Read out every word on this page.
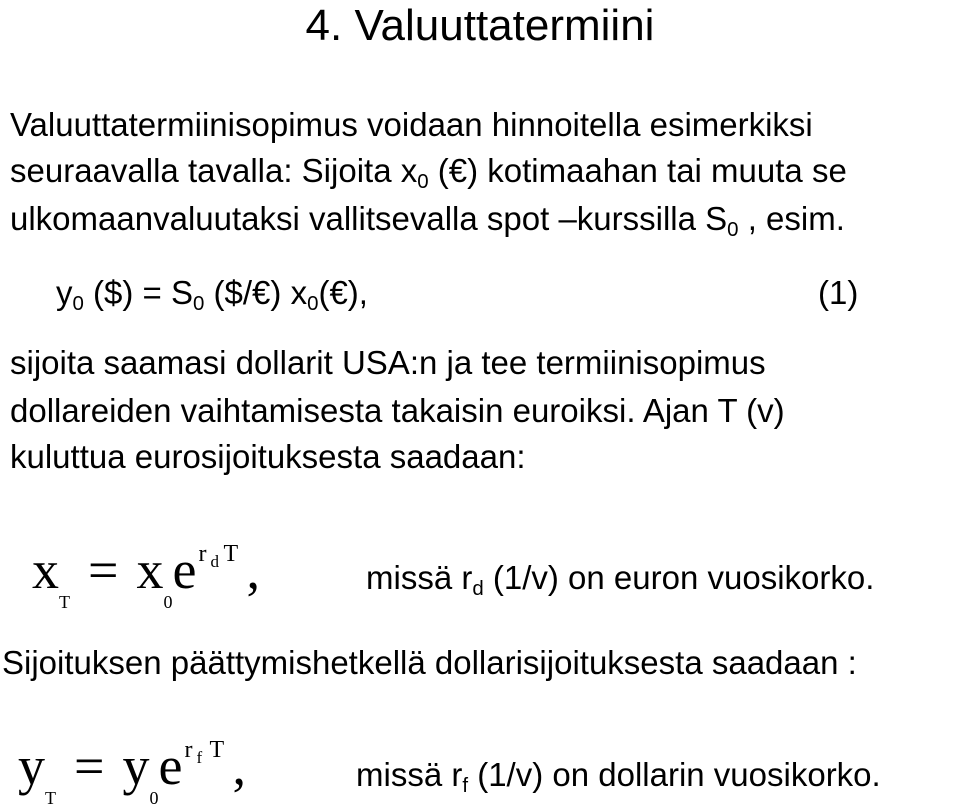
4. Valuuttatermiini
Valuuttatermiinisopimus voidaan hinnoitella esimerkiksi
seuraavalla tavalla: Sijoita x0 (€) kotimaahan tai muuta se
ulkomaanvaluutaksi vallitsevalla spot –kurssilla S0 , esim.
y0 ($) = S0 ($/€) x0(€),	(1)
sijoita saamasi dollarit USA:n ja tee termiinisopimus
dollareiden vaihtamisesta takaisin euroiksi. Ajan T (v)
kuluttua eurosijoituksesta saadaan:
$x_T= x_0e$ r d T ,	missä rd (1/v) on euron vuosikorko.
Sijoituksen päättymishetkellä dollarisijoituksesta saadaan :
$y_T= y_0e$ r f T ,	missä rf (1/v) on dollarin vuosikorko.
